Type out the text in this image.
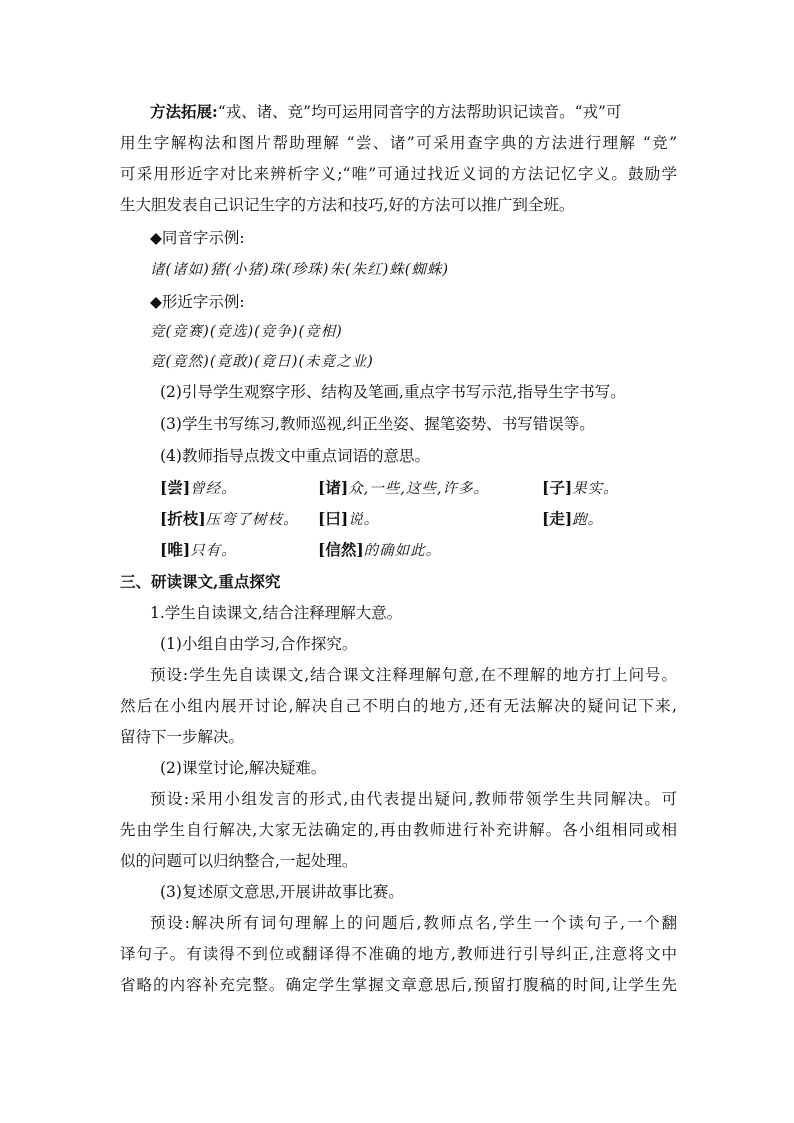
方法拓展:“戎、诸、竞”均可运用同音字的方法帮助识记读音。“戎”可
用生字解构法和图片帮助理解 “尝、诸”可采用查字典的方法进行理解 “竞”
可采用形近字对比来辨析字义;“唯”可通过找近义词的方法记忆字义。鼓励学
生大胆发表自己识记生字的方法和技巧,好的方法可以推广到全班。
◆同音字示例:
诸(诸如)猪(小猪)珠(珍珠)朱(朱红)蛛(蜘蛛)
◆形近字示例:
竞(竞赛)(竞选)(竞争)(竞相)
竟(竟然)(竟敢)(竟日)(未竟之业)
(2)引导学生观察字形、结构及笔画,重点字书写示范,指导生字书写。
(3)学生书写练习,教师巡视,纠正坐姿、握笔姿势、书写错误等。
(4)教师指导点拨文中重点词语的意思。
[尝]曾经。	[诸]众,一些,这些,许多。	[子]果实。
[折枝]压弯了树枝。 [曰]说。	[走]跑。
[唯]只有。	[信然]的确如此。
三、研读课文,重点探究
1.学生自读课文,结合注释理解大意。
(1)小组自由学习,合作探究。
预设:学生先自读课文,结合课文注释理解句意,在不理解的地方打上问号。
然后在小组内展开讨论,解决自己不明白的地方,还有无法解决的疑问记下来,
留待下一步解决。
(2)课堂讨论,解决疑难。
预设:采用小组发言的形式,由代表提出疑问,教师带领学生共同解决。可
先由学生自行解决,大家无法确定的,再由教师进行补充讲解。各小组相同或相
似的问题可以归纳整合,一起处理。
(3)复述原文意思,开展讲故事比赛。
预设:解决所有词句理解上的问题后,教师点名,学生一个读句子,一个翻
译句子。有读得不到位或翻译得不准确的地方,教师进行引导纠正,注意将文中
省略的内容补充完整。确定学生掌握文章意思后,预留打腹稿的时间,让学生先
